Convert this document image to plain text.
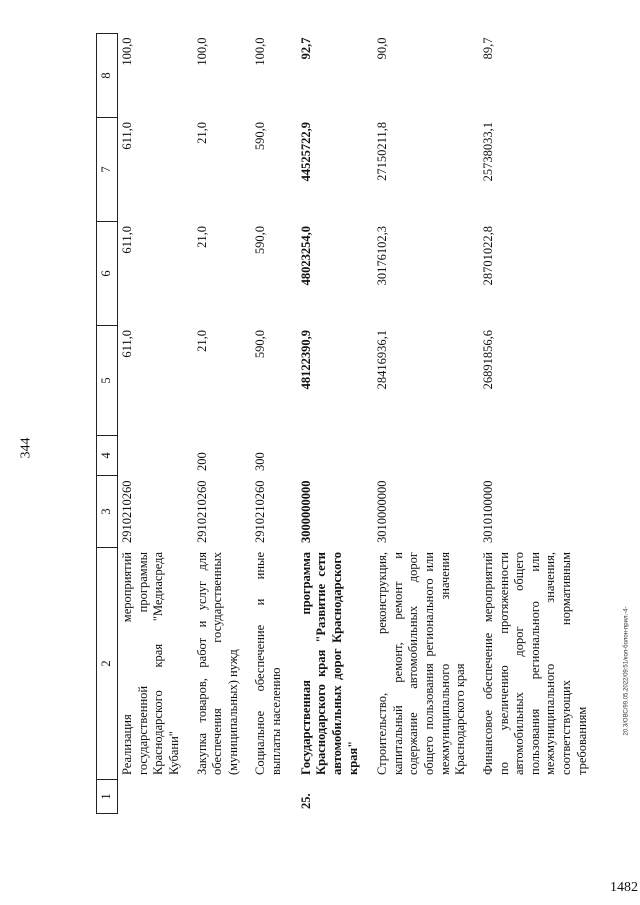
344
20.3/ОВС/99.05.2022/09:51/кол-болон-прил.-4-
1482
1	2	3	4	5	6	7	8
	Реализация мероприятий государственной программы Краснодарского края "Медиасреда Кубани"	2910210260		611,0	611,0	611,0	100,0
	Закупка товаров, работ и услуг для обеспечения государственных (муниципальных) нужд	2910210260	200	21,0	21,0	21,0	100,0
	Социальное обеспечение и иные выплаты населению	2910210260	300	590,0	590,0	590,0	100,0
25.	Государственная программа Краснодарского края "Развитие сети автомобильных дорог Краснодарского края"	3000000000		48122390,9	48023254,0	44525722,9	92,7
	Строительство, реконструкция, капитальный ремонт, ремонт и содержание автомобильных дорог общего пользования регионального или межмуниципального значения Краснодарского края	3010000000		28416936,1	30176102,3	27150211,8	90,0
	Финансовое обеспечение мероприятий по увеличению протяженности автомобильных дорог общего пользования регионального или межмуниципального значения, соответствующих нормативным требованиям	3010100000		26891856,6	28701022,8	25738033,1	89,7
